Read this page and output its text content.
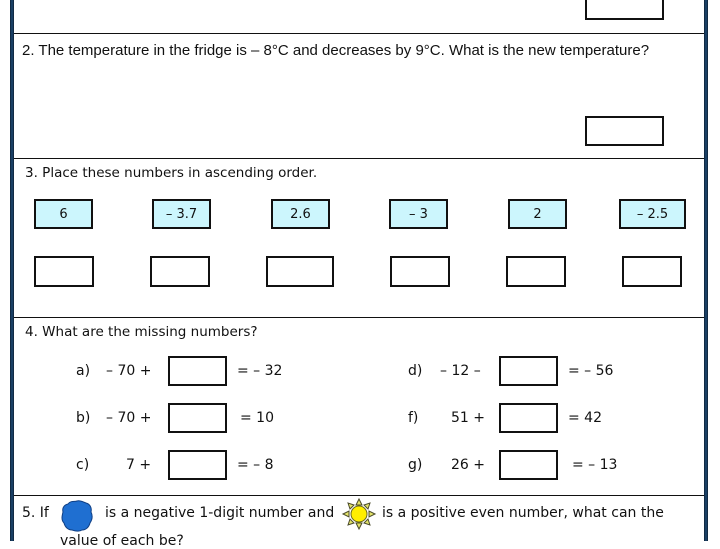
2. The temperature in the fridge is – 8°C and decreases by 9°C. What is the new temperature?
3. Place these numbers in ascending order.
6	– 3.7	2.6	– 3	2	– 2.5
4. What are the missing numbers?
a) – 70 +	= – 32
b) – 70 +	= 10
c)	7 +	= – 8
d) – 12 –	= – 56
f) 51 +	= 42
g) 26 +	= – 13
5. If	is a negative 1-digit number and	is a positive even number, what can the
value of each be?
